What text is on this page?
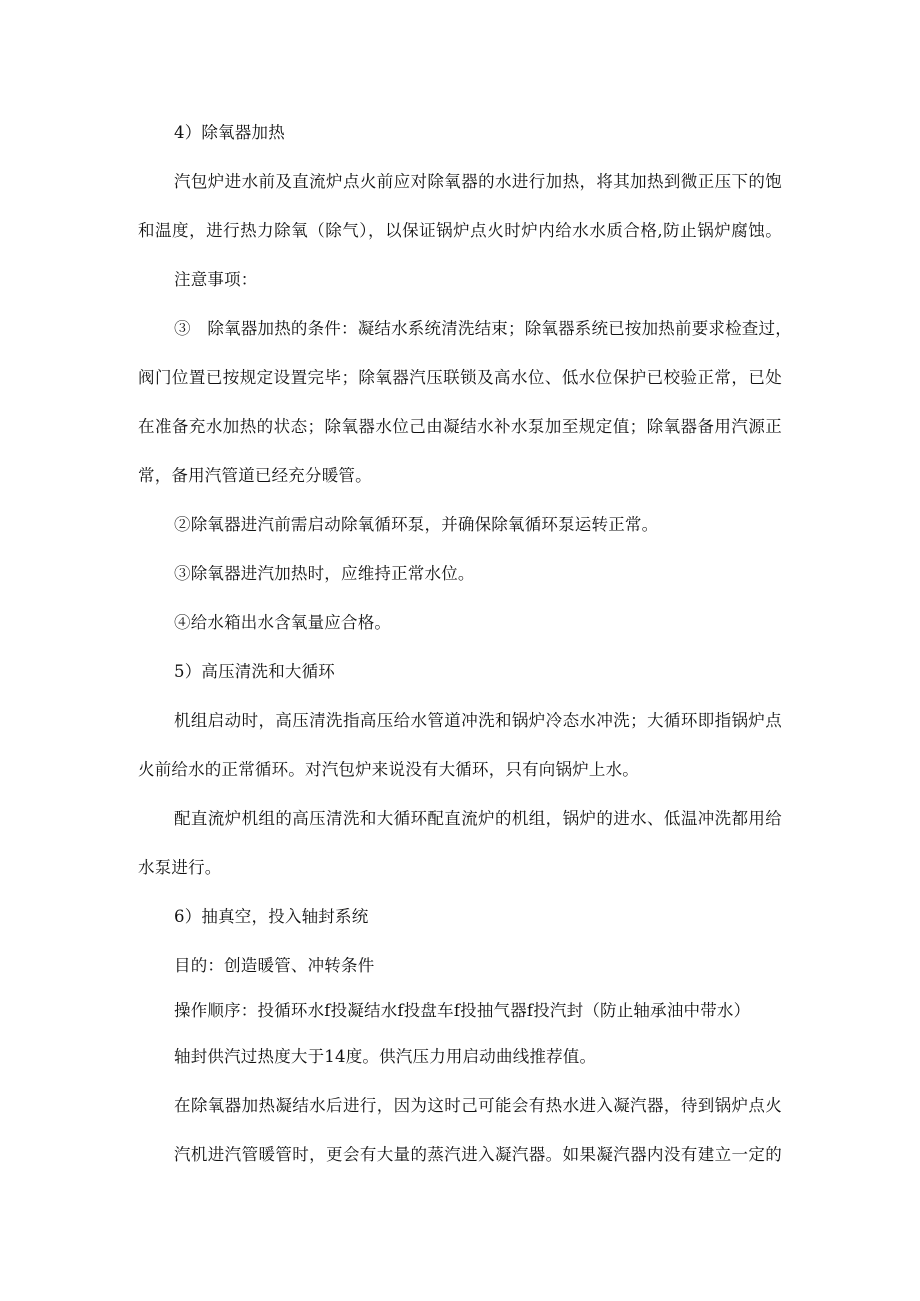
4）除氧器加热
汽包炉进水前及直流炉点火前应对除氧器的水进行加热，将其加热到微正压下的饱
和温度，进行热力除氧（除气），以保证锅炉点火时炉内给水水质合格,防止锅炉腐蚀。
注意事项：
③　除氧器加热的条件：凝结水系统清洗结束；除氧器系统已按加热前要求检查过，
阀门位置已按规定设置完毕；除氧器汽压联锁及高水位、低水位保护已校验正常，已处
在准备充水加热的状态；除氧器水位己由凝结水补水泵加至规定值；除氧器备用汽源正
常，备用汽管道已经充分暖管。
②除氧器进汽前需启动除氧循环泵，并确保除氧循环泵运转正常。
③除氧器进汽加热时，应维持正常水位。
④给水箱出水含氧量应合格。
5）高压清洗和大循环
机组启动时，高压清洗指高压给水管道冲洗和锅炉冷态水冲洗；大循环即指锅炉点
火前给水的正常循环。对汽包炉来说没有大循环，只有向锅炉上水。
配直流炉机组的高压清洗和大循环配直流炉的机组，锅炉的进水、低温冲洗都用给
水泵进行。
6）抽真空，投入轴封系统
目的：创造暖管、冲转条件
操作顺序：投循环水f投凝结水f投盘车f投抽气器f投汽封（防止轴承油中带水）
轴封供汽过热度大于14度。供汽压力用启动曲线推荐值。
在除氧器加热凝结水后进行，因为这时己可能会有热水进入凝汽器，待到锅炉点火
汽机进汽管暖管时，更会有大量的蒸汽进入凝汽器。如果凝汽器内没有建立一定的
